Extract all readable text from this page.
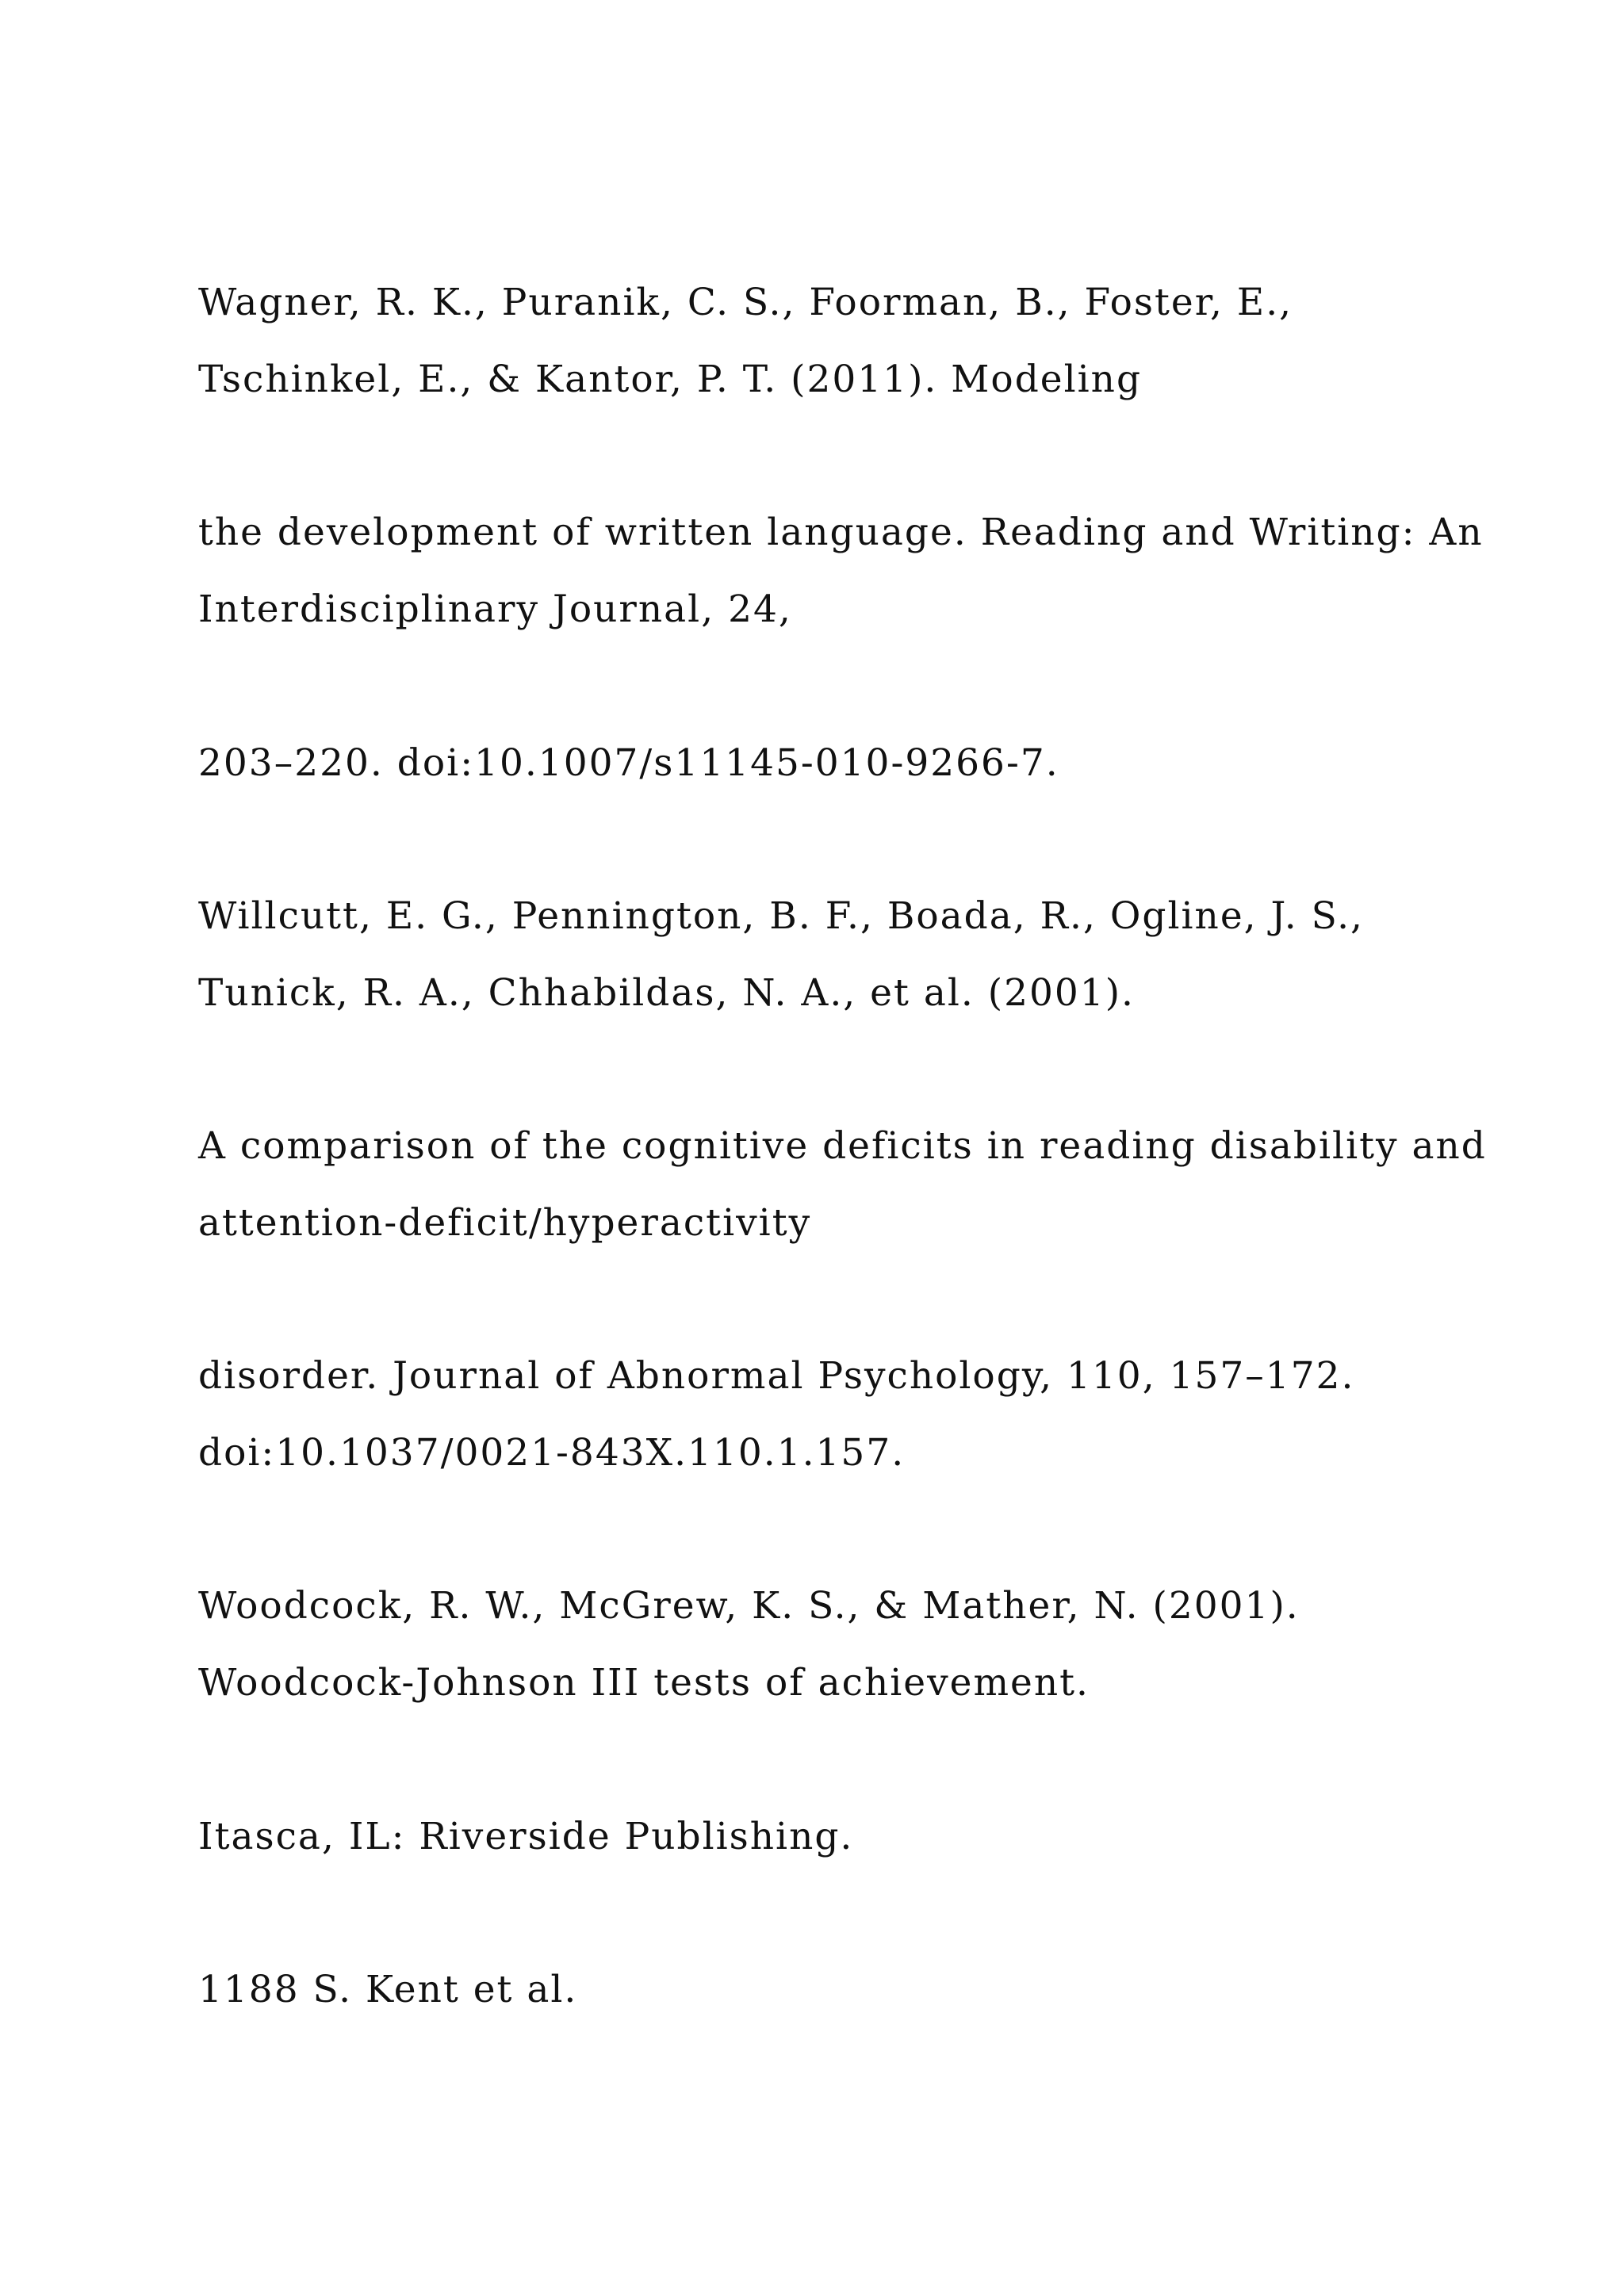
Wagner, R. K., Puranik, C. S., Foorman, B., Foster, E.,

Tschinkel, E., & Kantor, P. T. (2011). Modeling

the development of written language. Reading and Writing: An

Interdisciplinary Journal, 24,

203–220. doi:10.1007/s11145-010-9266-7.

Willcutt, E. G., Pennington, B. F., Boada, R., Ogline, J. S.,

Tunick, R. A., Chhabildas, N. A., et al. (2001).

A comparison of the cognitive deficits in reading disability and

attention-deficit/hyperactivity

disorder. Journal of Abnormal Psychology, 110, 157–172.

doi:10.1037/0021-843X.110.1.157.

Woodcock, R. W., McGrew, K. S., & Mather, N. (2001).

Woodcock-Johnson III tests of achievement.

Itasca, IL: Riverside Publishing.

1188 S. Kent et al.
